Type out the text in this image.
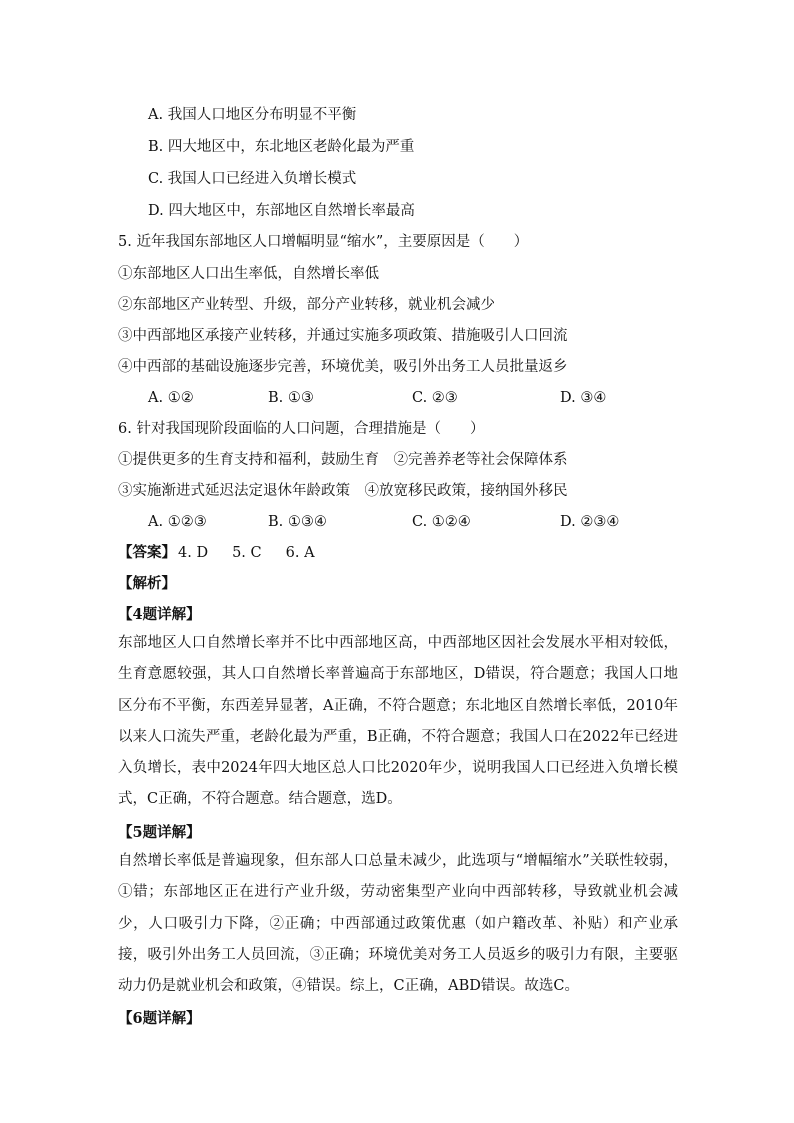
A. 我国人口地区分布明显不平衡
B. 四大地区中，东北地区老龄化最为严重
C. 我国人口已经进入负增长模式
D. 四大地区中，东部地区自然增长率最高
5. 近年我国东部地区人口增幅明显“缩水”，主要原因是（　　）
①东部地区人口出生率低，自然增长率低
②东部地区产业转型、升级，部分产业转移，就业机会减少
③中西部地区承接产业转移，并通过实施多项政策、措施吸引人口回流
④中西部的基础设施逐步完善，环境优美，吸引外出务工人员批量返乡
A. ①②	B. ①③	C. ②③	D. ③④
6. 针对我国现阶段面临的人口问题，合理措施是（　　）
①提供更多的生育支持和福利，鼓励生育　②完善养老等社会保障体系
③实施渐进式延迟法定退休年龄政策　④放宽移民政策，接纳国外移民
A. ①②③	B. ①③④	C. ①②④	D. ②③④
【答案】 4. D 5. C 6. A
【解析】
【4题详解】
东部地区人口自然增长率并不比中西部地区高，中西部地区因社会发展水平相对较低，生育意愿较强，其人口自然增长率普遍高于东部地区，D错误，符合题意；我国人口地区分布不平衡，东西差异显著，A正确，不符合题意；东北地区自然增长率低，2010年以来人口流失严重，老龄化最为严重，B正确，不符合题意；我国人口在2022年已经进入负增长，表中2024年四大地区总人口比2020年少，说明我国人口已经进入负增长模式，C正确，不符合题意。结合题意，选D。
【5题详解】
自然增长率低是普遍现象，但东部人口总量未减少，此选项与“增幅缩水”关联性较弱，①错；东部地区正在进行产业升级，劳动密集型产业向中西部转移，导致就业机会减少，人口吸引力下降，②正确；中西部通过政策优惠（如户籍改革、补贴）和产业承接，吸引外出务工人员回流，③正确；环境优美对务工人员返乡的吸引力有限，主要驱动力仍是就业机会和政策，④错误。综上，C正确，ABD错误。故选C。
【6题详解】
